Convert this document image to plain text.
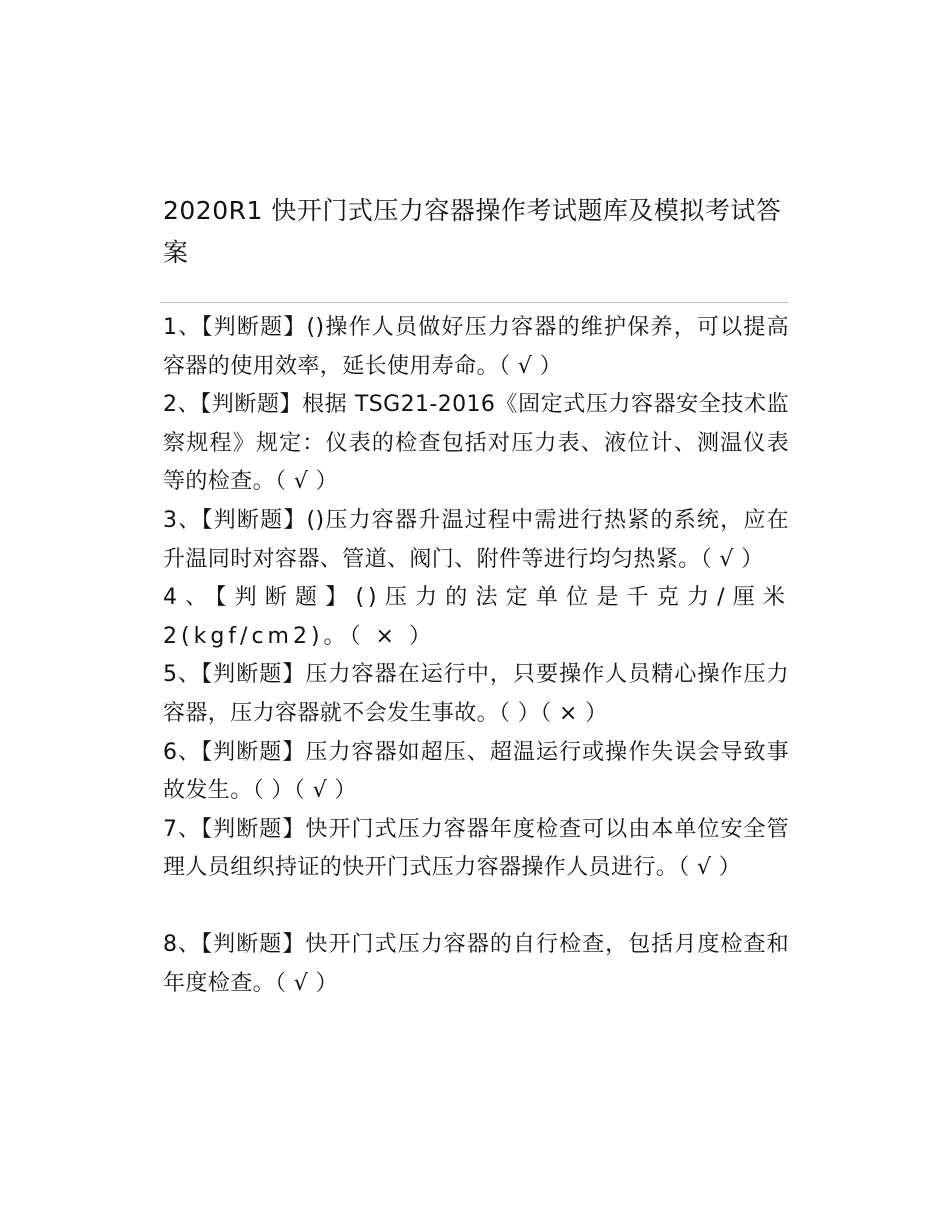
2020R1 快开门式压力容器操作考试题库及模拟考试答案
1、【判断题】()操作人员做好压力容器的维护保养，可以提高容器的使用效率，延长使用寿命。（ √ ）
2、【判断题】根据 TSG21-2016《固定式压力容器安全技术监察规程》规定：仪表的检查包括对压力表、液位计、测温仪表等的检查。（ √ ）
3、【判断题】()压力容器升温过程中需进行热紧的系统，应在升温同时对容器、管道、阀门、附件等进行均匀热紧。（ √ ）
4、【判断题】()压力的法定单位是千克力/厘米2(kgf/cm2)。（ × ）
5、【判断题】压力容器在运行中，只要操作人员精心操作压力容器，压力容器就不会发生事故。（ ）（ × ）
6、【判断题】压力容器如超压、超温运行或操作失误会导致事故发生。（ ）（ √ ）
7、【判断题】快开门式压力容器年度检查可以由本单位安全管理人员组织持证的快开门式压力容器操作人员进行。（ √ ）
8、【判断题】快开门式压力容器的自行检查，包括月度检查和年度检查。（ √ ）
